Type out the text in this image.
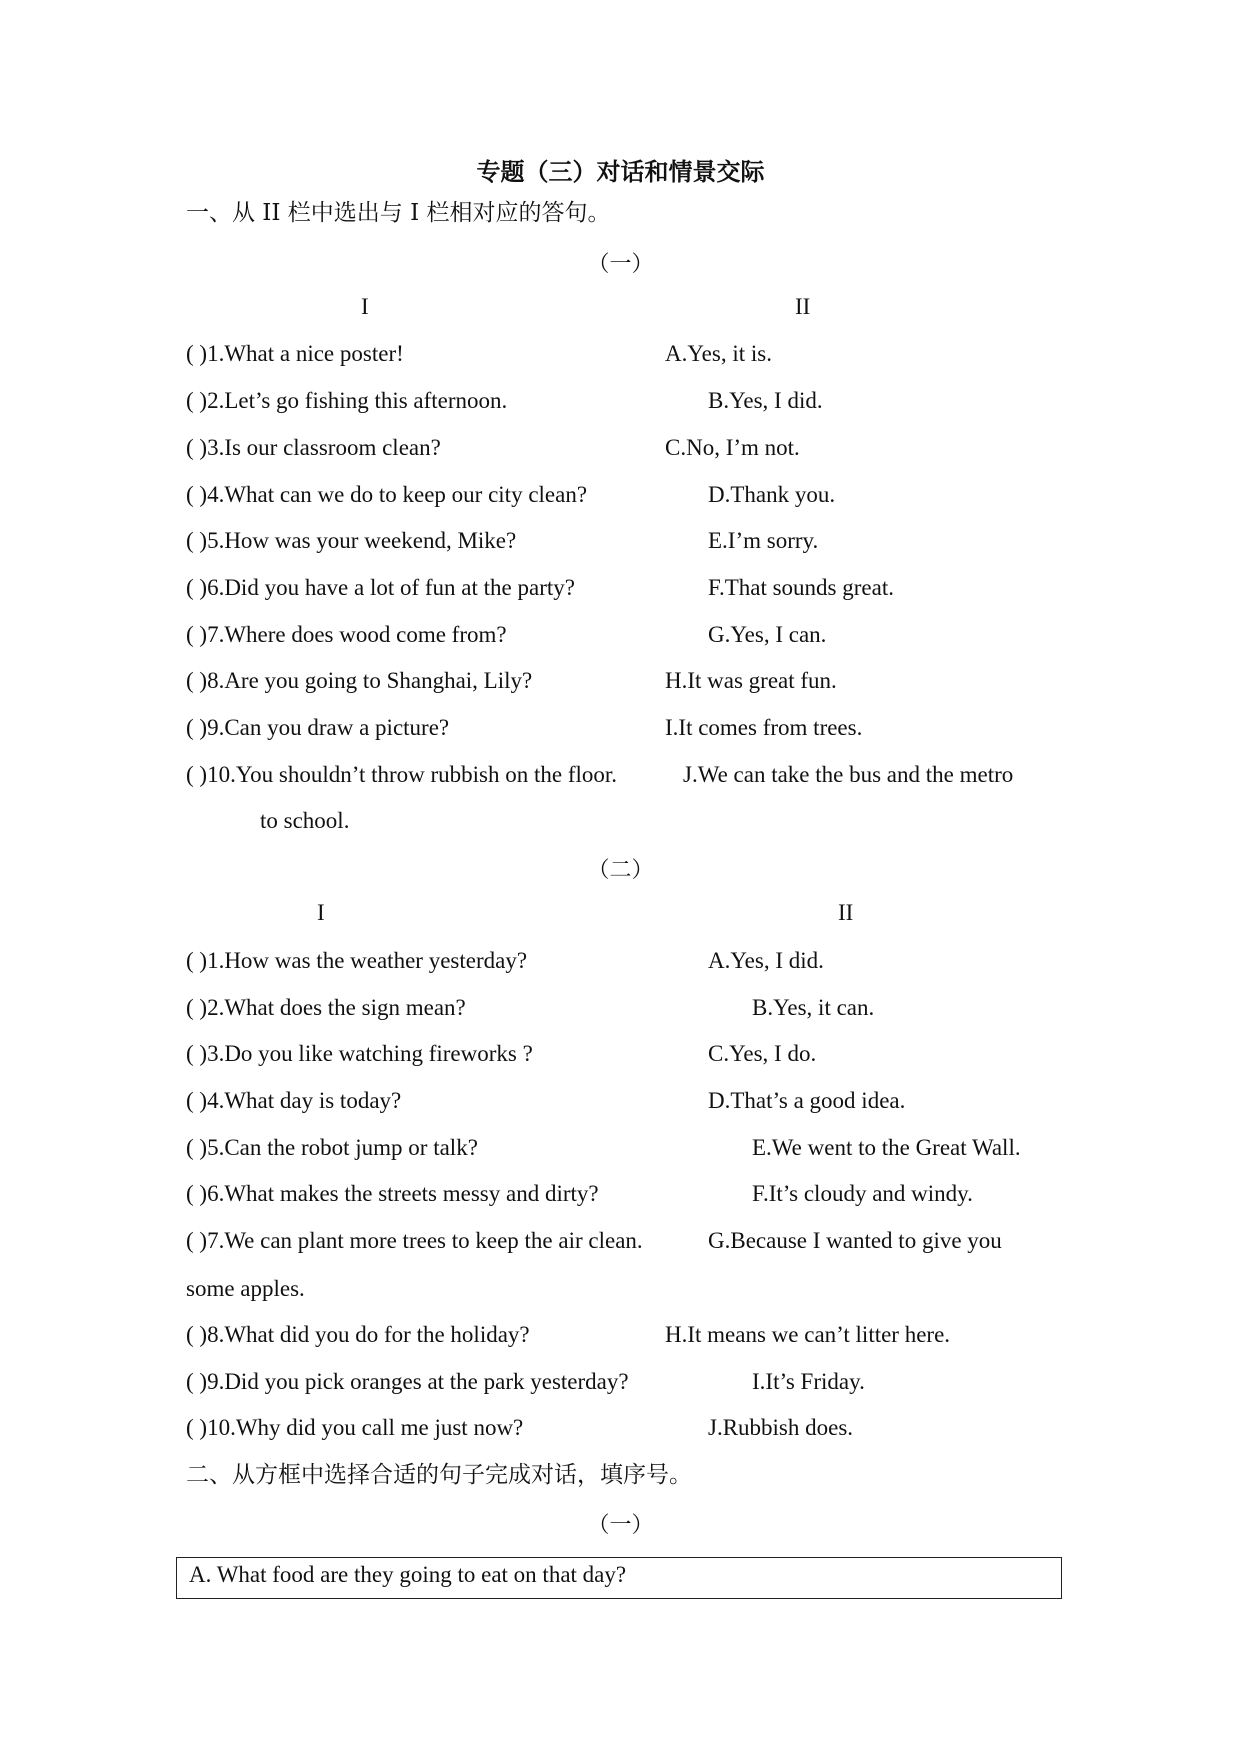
专题（三）对话和情景交际
一、从 II 栏中选出与 I 栏相对应的答句。
（一）
I	II
( )1.What a nice poster!	A.Yes, it is.
( )2.Let’s go fishing this afternoon.	B.Yes, I did.
( )3.Is our classroom clean?	C.No, I’m not.
( )4.What can we do to keep our city clean?	D.Thank you.
( )5.How was your weekend, Mike?	E.I’m sorry.
( )6.Did you have a lot of fun at the party?	F.That sounds great.
( )7.Where does wood come from?	G.Yes, I can.
( )8.Are you going to Shanghai, Lily?	H.It was great fun.
( )9.Can you draw a picture?	I.It comes from trees.
( )10.You shouldn’t throw rubbish on the floor.	J.We can take the bus and the metro
to school.
（二）
I	II
( )1.How was the weather yesterday?	A.Yes, I did.
( )2.What does the sign mean?	B.Yes, it can.
( )3.Do you like watching fireworks ?	C.Yes, I do.
( )4.What day is today?	D.That’s a good idea.
( )5.Can the robot jump or talk?	E.We went to the Great Wall.
( )6.What makes the streets messy and dirty?	F.It’s cloudy and windy.
( )7.We can plant more trees to keep the air clean.	G.Because I wanted to give you
some apples.
( )8.What did you do for the holiday?	H.It means we can’t litter here.
( )9.Did you pick oranges at the park yesterday?	I.It’s Friday.
( )10.Why did you call me just now?	J.Rubbish does.
二、从方框中选择合适的句子完成对话，填序号。
（一）
A. What food are they going to eat on that day?
